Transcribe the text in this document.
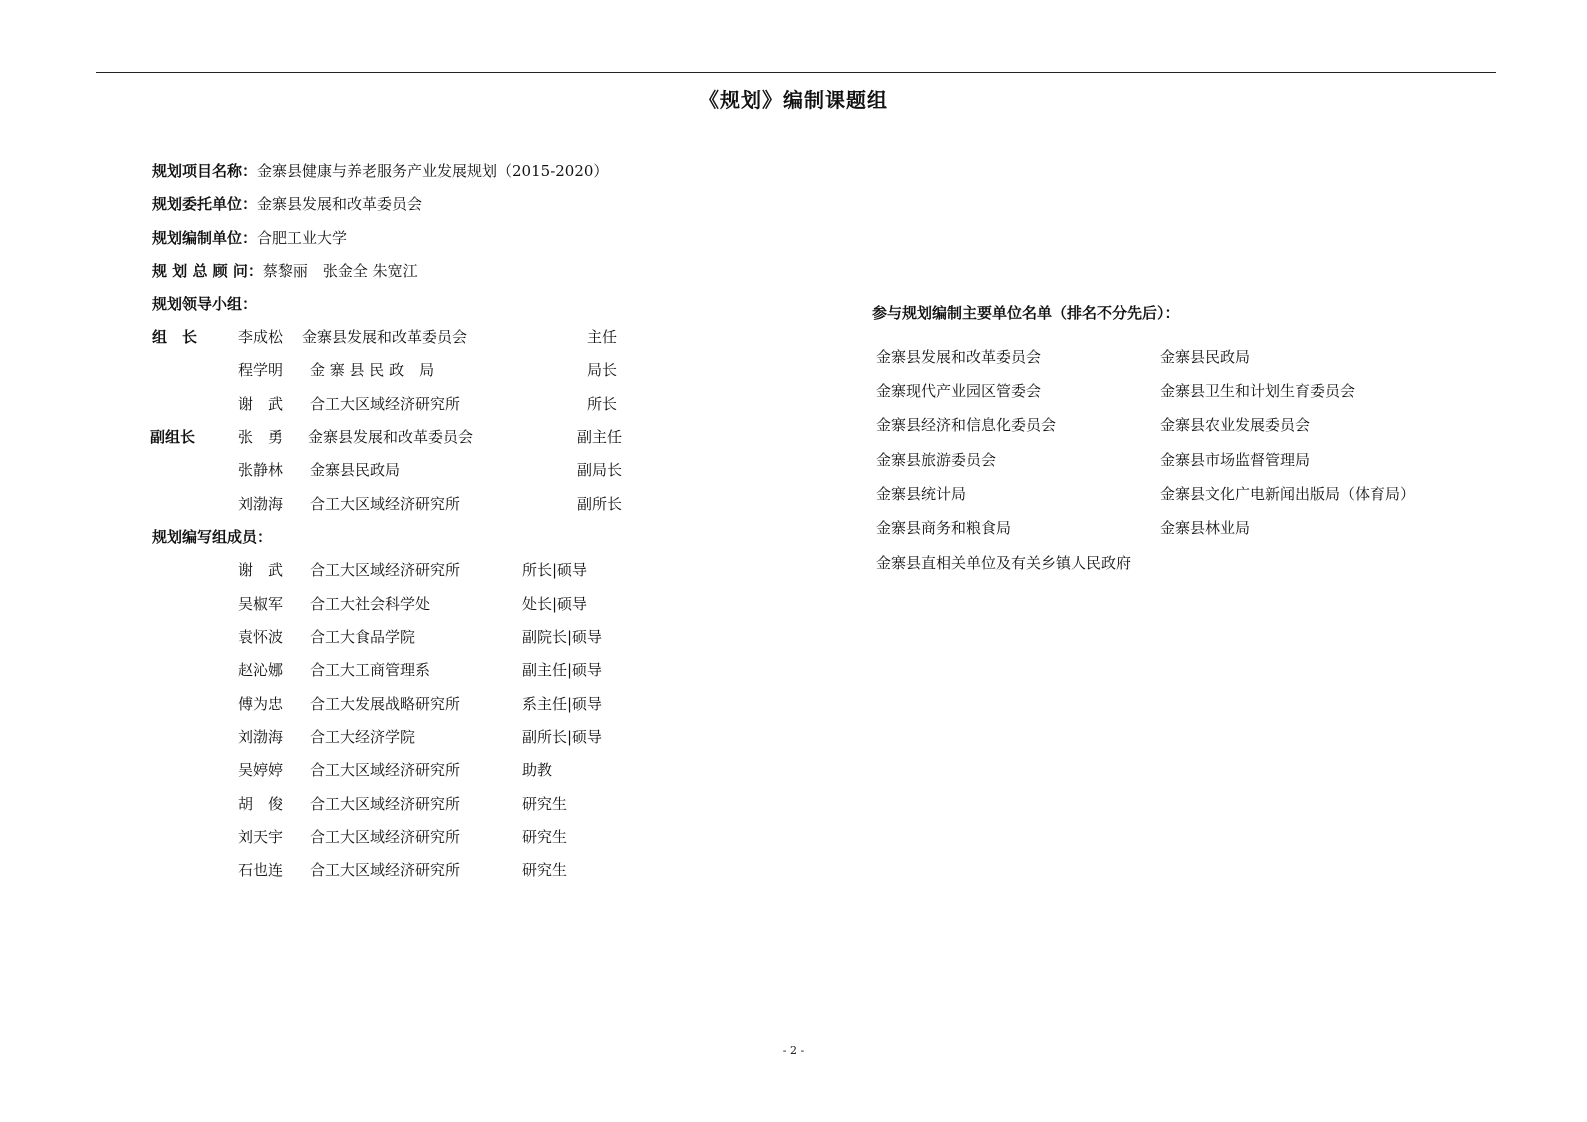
《规划》编制课题组
规划项目名称：金寨县健康与养老服务产业发展规划（2015-2020）
规划委托单位：金寨县发展和改革委员会
规划编制单位：合肥工业大学
规 划 总 顾 问：蔡黎丽　张金全 朱宽江
规划领导小组：
组　长	李成松 金寨县发展和改革委员会	主任
程学明 金 寨 县 民 政　局	局长
谢　武 合工大区域经济研究所	所长
副组长	张　勇 金寨县发展和改革委员会	副主任
张静林 金寨县民政局	副局长
刘渤海 合工大区域经济研究所	副所长
规划编写组成员：
谢　武 合工大区域经济研究所	所长|硕导
吴椒军 合工大社会科学处	处长|硕导
袁怀波 合工大食品学院	副院长|硕导
赵沁娜 合工大工商管理系	副主任|硕导
傅为忠 合工大发展战略研究所	系主任|硕导
刘渤海 合工大经济学院	副所长|硕导
吴婷婷 合工大区域经济研究所	助教
胡　俊 合工大区域经济研究所	研究生
刘天宇 合工大区域经济研究所	研究生
石也连 合工大区域经济研究所	研究生
参与规划编制主要单位名单（排名不分先后）：
金寨县发展和改革委员会	金寨县民政局
金寨现代产业园区管委会	金寨县卫生和计划生育委员会
金寨县经济和信息化委员会	金寨县农业发展委员会
金寨县旅游委员会	金寨县市场监督管理局
金寨县统计局	金寨县文化广电新闻出版局（体育局）
金寨县商务和粮食局	金寨县林业局
金寨县直相关单位及有关乡镇人民政府
- 2 -
